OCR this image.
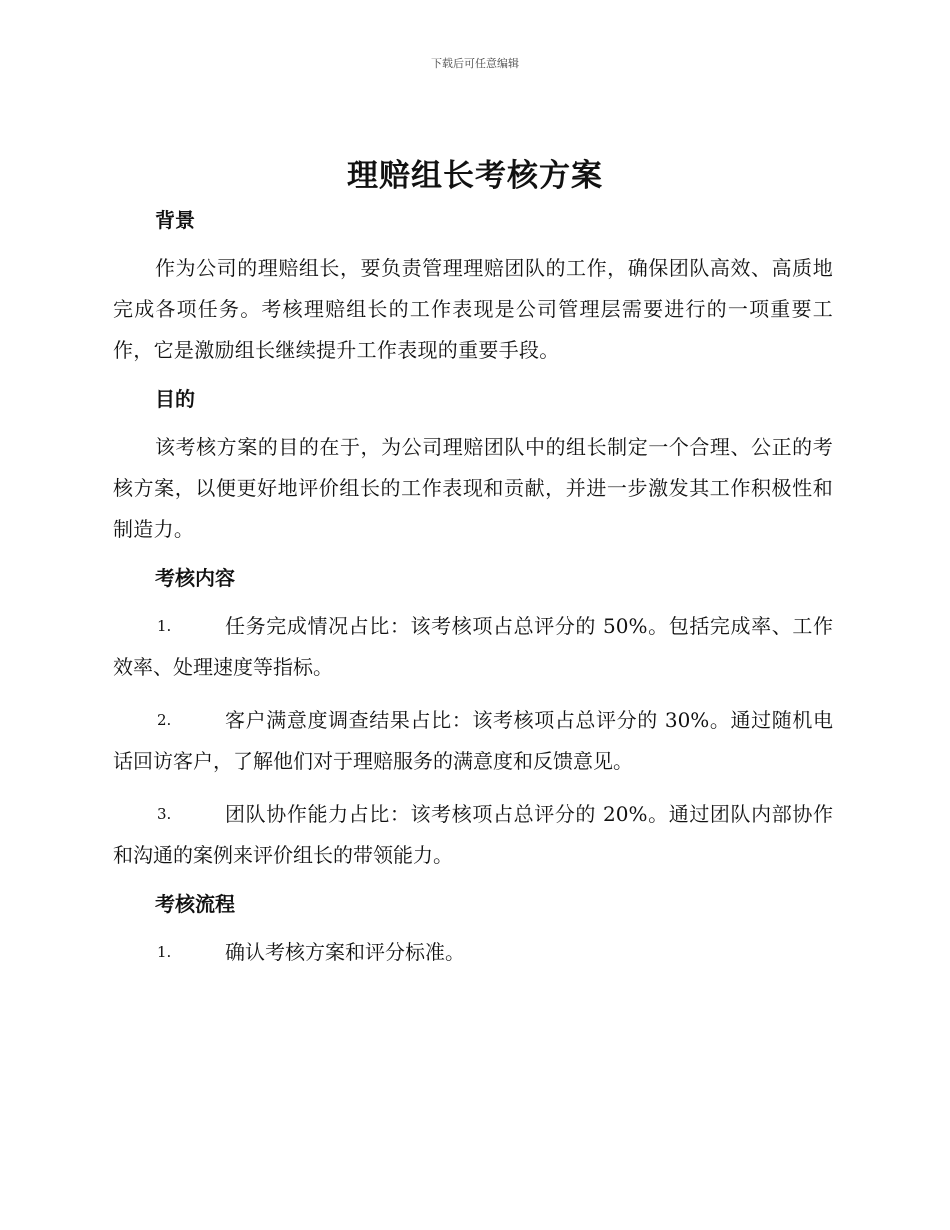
下载后可任意编辑
理赔组长考核方案

背景

作为公司的理赔组长，要负责管理理赔团队的工作，确保团队高效、高质地完成各项任务。考核理赔组长的工作表现是公司管理层需要进行的一项重要工作，它是激励组长继续提升工作表现的重要手段。

目的

该考核方案的目的在于，为公司理赔团队中的组长制定一个合理、公正的考核方案，以便更好地评价组长的工作表现和贡献，并进一步激发其工作积极性和制造力。

考核内容

1.	任务完成情况占比：该考核项占总评分的 50%。包括完成率、工作效率、处理速度等指标。

2.	客户满意度调查结果占比：该考核项占总评分的 30%。通过随机电话回访客户，了解他们对于理赔服务的满意度和反馈意见。

3.	团队协作能力占比：该考核项占总评分的 20%。通过团队内部协作和沟通的案例来评价组长的带领能力。

考核流程

1.	确认考核方案和评分标准。
